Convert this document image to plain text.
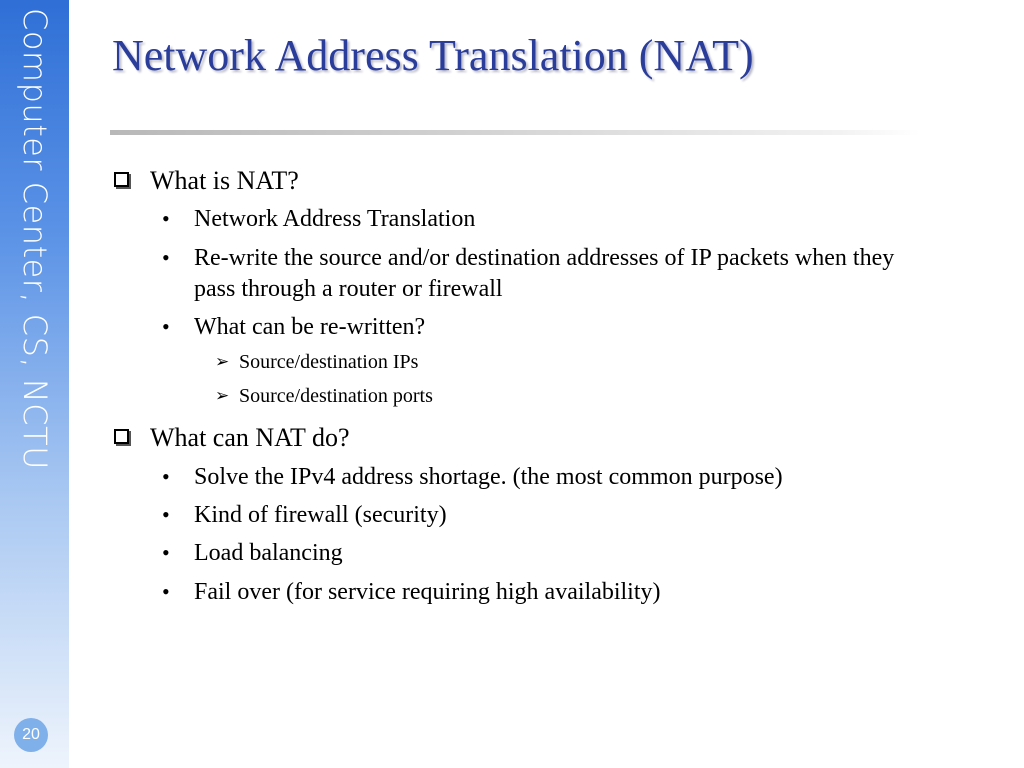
Computer Center, CS, NCTU
20
Network Address Translation (NAT)
What is NAT?
• Network Address Translation
• Re-write the source and/or destination addresses of IP packets when they
pass through a router or firewall
• What can be re-written?
➢ Source/destination IPs
➢ Source/destination ports
What can NAT do?
• Solve the IPv4 address shortage. (the most common purpose)
• Kind of firewall (security)
• Load balancing
• Fail over (for service requiring high availability)
